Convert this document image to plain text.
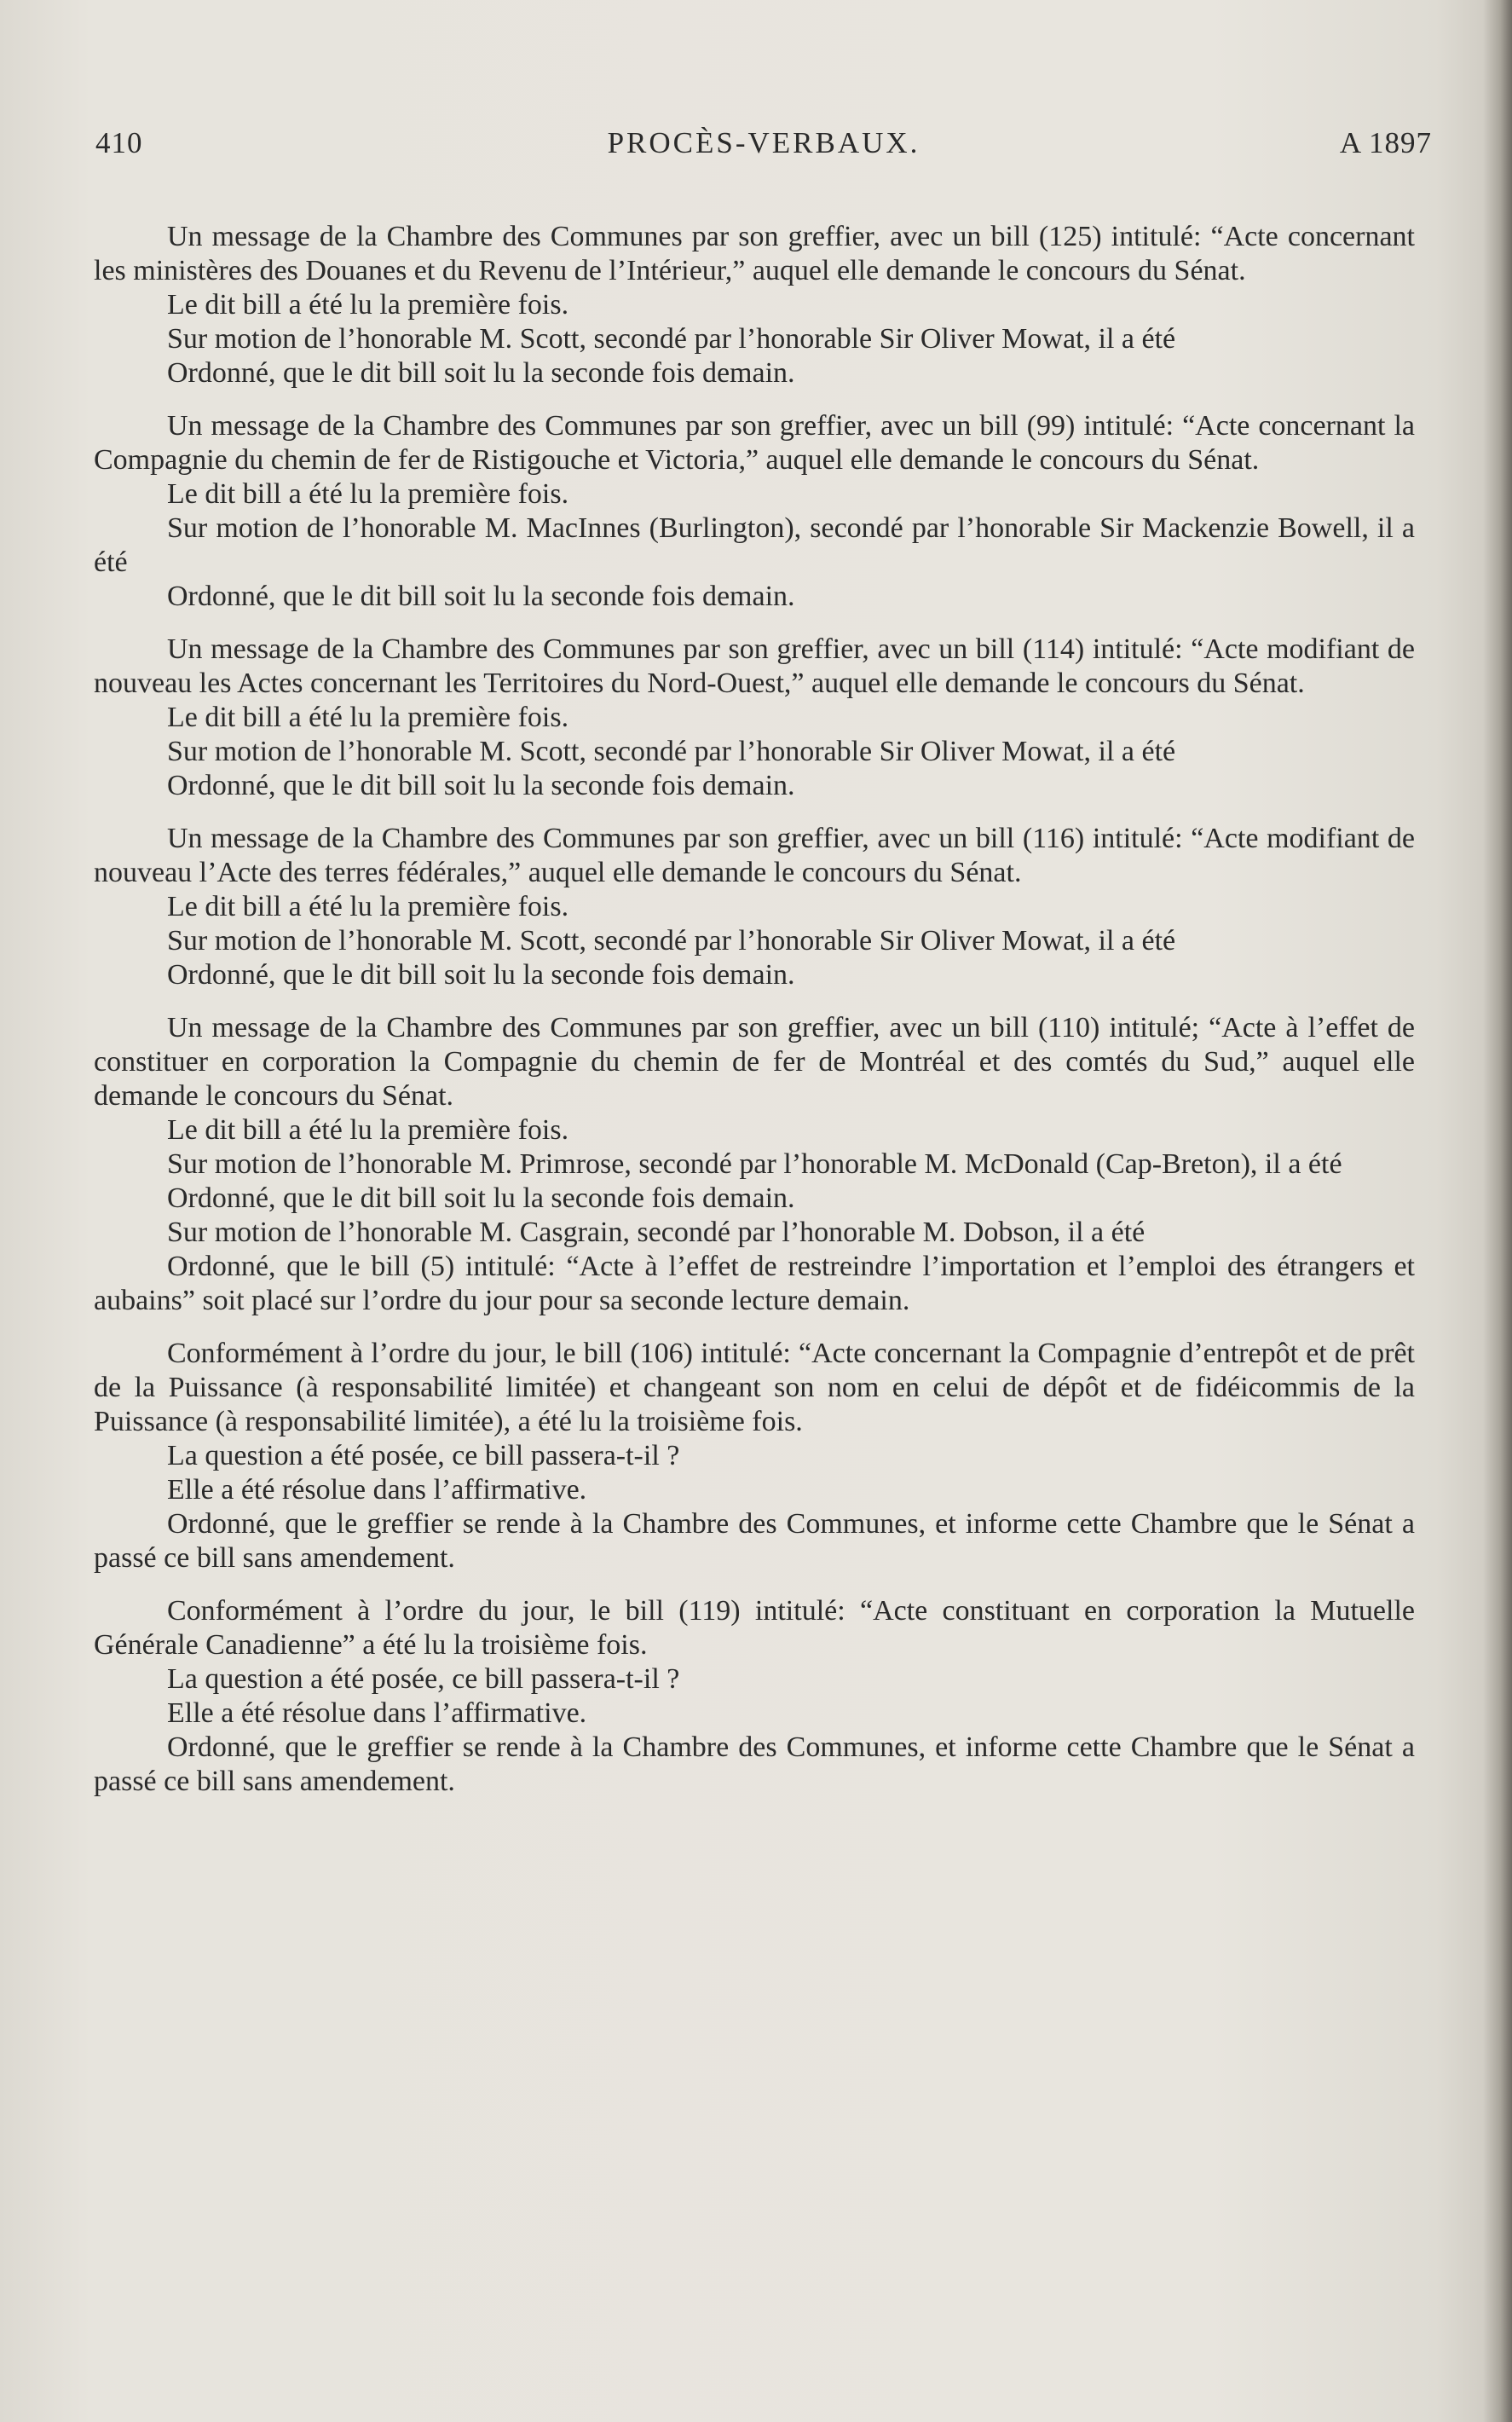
410	PROCÈS-VERBAUX.	A 1897

Un message de la Chambre des Communes par son greffier, avec un bill (125) intitulé: “Acte concernant les ministères des Douanes et du Revenu de l’Intérieur,” auquel elle demande le concours du Sénat.

Le dit bill a été lu la première fois.

Sur motion de l’honorable M. Scott, secondé par l’honorable Sir Oliver Mowat, il a été

Ordonné, que le dit bill soit lu la seconde fois demain.

Un message de la Chambre des Communes par son greffier, avec un bill (99) intitulé: “Acte concernant la Compagnie du chemin de fer de Ristigouche et Victoria,” auquel elle demande le concours du Sénat.

Le dit bill a été lu la première fois.

Sur motion de l’honorable M. MacInnes (Burlington), secondé par l’honorable Sir Mackenzie Bowell, il a été

Ordonné, que le dit bill soit lu la seconde fois demain.

Un message de la Chambre des Communes par son greffier, avec un bill (114) intitulé: “Acte modifiant de nouveau les Actes concernant les Territoires du Nord-Ouest,” auquel elle demande le concours du Sénat.

Le dit bill a été lu la première fois.

Sur motion de l’honorable M. Scott, secondé par l’honorable Sir Oliver Mowat, il a été

Ordonné, que le dit bill soit lu la seconde fois demain.

Un message de la Chambre des Communes par son greffier, avec un bill (116) intitulé: “Acte modifiant de nouveau l’Acte des terres fédérales,” auquel elle demande le concours du Sénat.

Le dit bill a été lu la première fois.

Sur motion de l’honorable M. Scott, secondé par l’honorable Sir Oliver Mowat, il a été

Ordonné, que le dit bill soit lu la seconde fois demain.

Un message de la Chambre des Communes par son greffier, avec un bill (110) intitulé; “Acte à l’effet de constituer en corporation la Compagnie du chemin de fer de Montréal et des comtés du Sud,” auquel elle demande le concours du Sénat.

Le dit bill a été lu la première fois.

Sur motion de l’honorable M. Primrose, secondé par l’honorable M. McDonald (Cap-Breton), il a été

Ordonné, que le dit bill soit lu la seconde fois demain.

Sur motion de l’honorable M. Casgrain, secondé par l’honorable M. Dobson, il a été

Ordonné, que le bill (5) intitulé: “Acte à l’effet de restreindre l’importation et l’emploi des étrangers et aubains” soit placé sur l’ordre du jour pour sa seconde lecture demain.

Conformément à l’ordre du jour, le bill (106) intitulé: “Acte concernant la Compagnie d’entrepôt et de prêt de la Puissance (à responsabilité limitée) et changeant son nom en celui de dépôt et de fidéicommis de la Puissance (à responsabilité limitée), a été lu la troisième fois.

La question a été posée, ce bill passera-t-il ?

Elle a été résolue dans l’affirmative.

Ordonné, que le greffier se rende à la Chambre des Communes, et informe cette Chambre que le Sénat a passé ce bill sans amendement.

Conformément à l’ordre du jour, le bill (119) intitulé: “Acte constituant en corporation la Mutuelle Générale Canadienne” a été lu la troisième fois.

La question a été posée, ce bill passera-t-il ?

Elle a été résolue dans l’affirmative.

Ordonné, que le greffier se rende à la Chambre des Communes, et informe cette Chambre que le Sénat a passé ce bill sans amendement.
